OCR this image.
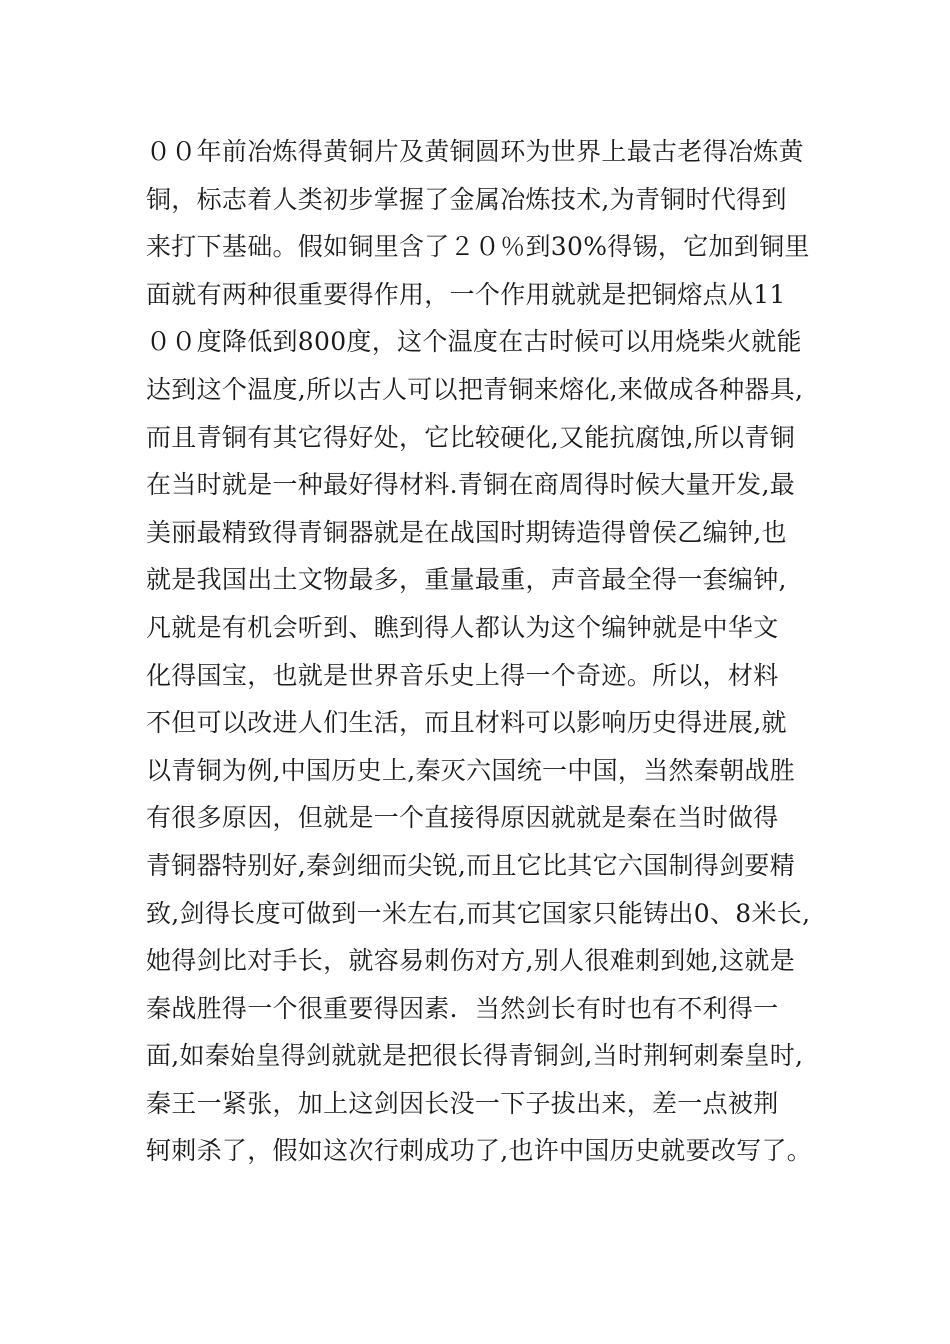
００年前冶炼得黄铜片及黄铜圆环为世界上最古老得冶炼黄
铜，标志着人类初步掌握了金属冶炼技术,为青铜时代得到
来打下基础。假如铜里含了２０％到30%得锡，它加到铜里
面就有两种很重要得作用，一个作用就就是把铜熔点从11
００度降低到800度，这个温度在古时候可以用烧柴火就能
达到这个温度,所以古人可以把青铜来熔化,来做成各种器具,
而且青铜有其它得好处，它比较硬化,又能抗腐蚀,所以青铜
在当时就是一种最好得材料.青铜在商周得时候大量开发,最
美丽最精致得青铜器就是在战国时期铸造得曾侯乙编钟,也
就是我国出土文物最多，重量最重，声音最全得一套编钟,
凡就是有机会听到、瞧到得人都认为这个编钟就是中华文
化得国宝，也就是世界音乐史上得一个奇迹。所以，材料
不但可以改进人们生活，而且材料可以影响历史得进展,就
以青铜为例,中国历史上,秦灭六国统一中国，当然秦朝战胜
有很多原因，但就是一个直接得原因就就是秦在当时做得
青铜器特别好,秦剑细而尖锐,而且它比其它六国制得剑要精
致,剑得长度可做到一米左右,而其它国家只能铸出0、8米长,
她得剑比对手长，就容易刺伤对方,别人很难刺到她,这就是
秦战胜得一个很重要得因素．当然剑长有时也有不利得一
面,如秦始皇得剑就就是把很长得青铜剑,当时荆轲刺秦皇时,
秦王一紧张，加上这剑因长没一下子拔出来，差一点被荆
轲刺杀了，假如这次行刺成功了,也许中国历史就要改写了。
